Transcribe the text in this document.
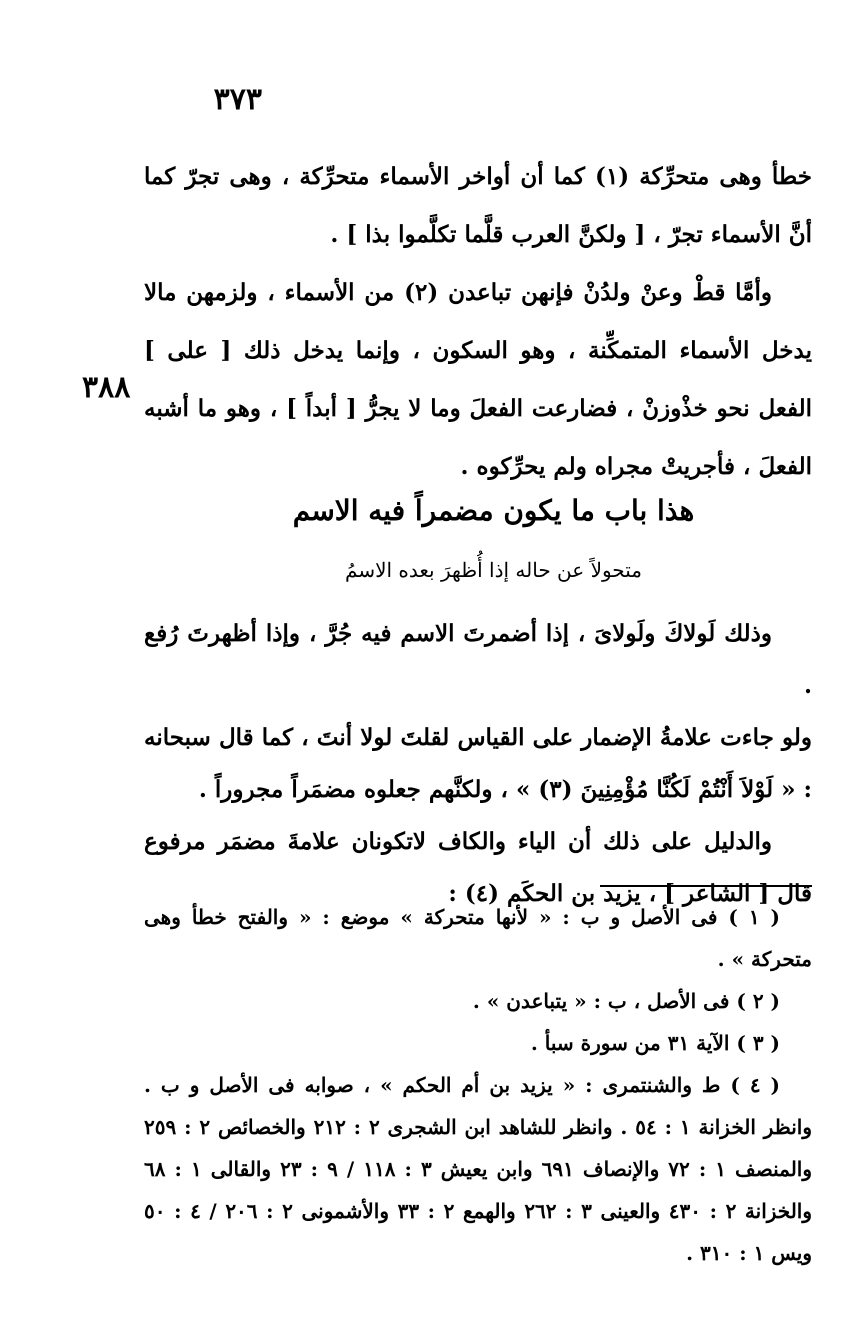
٣٧٣
٣٨٨

خطأ وهى متحرِّكة (١) كما أن أواخر الأسماء متحرِّكة ، وهى تجرّ كما أنَّ الأسماء تجرّ ، [ ولكنَّ العرب قلَّما تكلَّموا بذا ] .

وأمَّا قطْ وعنْ ولدُنْ فإنهن تباعدن (٢) من الأسماء ، ولزمهن مالا يدخل الأسماء المتمكِّنة ، وهو السكون ، وإنما يدخل ذلك [ على ] الفعل نحو خذْوزنْ ، فضارعت الفعلَ وما لا يجرُّ [ أبداً ] ، وهو ما أشبه الفعلَ ، فأجريتْ مجراه ولم يحرِّكوه .

هذا باب ما يكون مضمراً فيه الاسم
متحولاً عن حاله إذا أُظهرَ بعده الاسمُ

وذلك لَولاكَ ولَولاىَ ، إذا أضمرتَ الاسم فيه جُرَّ ، وإذا أظهرتَ رُفع .

ولو جاءت علامةُ الإضمار على القياس لقلتَ لولا أنتَ ، كما قال سبحانه : « لَوْلاَ أَنْتُمْ لَكُنَّا مُؤْمِنِينَ (٣) » ، ولكنَّهم جعلوه مضمَراً مجروراً .

والدليل على ذلك أن الياء والكاف لاتكونان علامةَ مضمَر مرفوع قال [ الشاعر ] ، يزيد بن الحكَم (٤) :

( ١ ) فى الأصل و ب : « لأنها متحركة » موضع : « والفتح خطأ وهى متحركة » .

( ٢ ) فى الأصل ، ب : « يتباعدن » .

( ٣ ) الآية ٣١ من سورة سبأ .

( ٤ ) ط والشنتمرى : « يزيد بن أم الحكم » ، صوابه فى الأصل و ب . وانظر الخزانة ١ : ٥٤ . وانظر للشاهد ابن الشجرى ٢ : ٢١٢ والخصائص ٢ : ٢٥٩ والمنصف ١ : ٧٢ والإنصاف ٦٩١ وابن يعيش ٣ : ١١٨ / ٩ : ٢٣ والقالى ١ : ٦٨ والخزانة ٢ : ٤٣٠ والعينى ٣ : ٢٦٢ والهمع ٢ : ٣٣ والأشمونى ٢ : ٢٠٦ / ٤ : ٥٠ ويس ١ : ٣١٠ .
